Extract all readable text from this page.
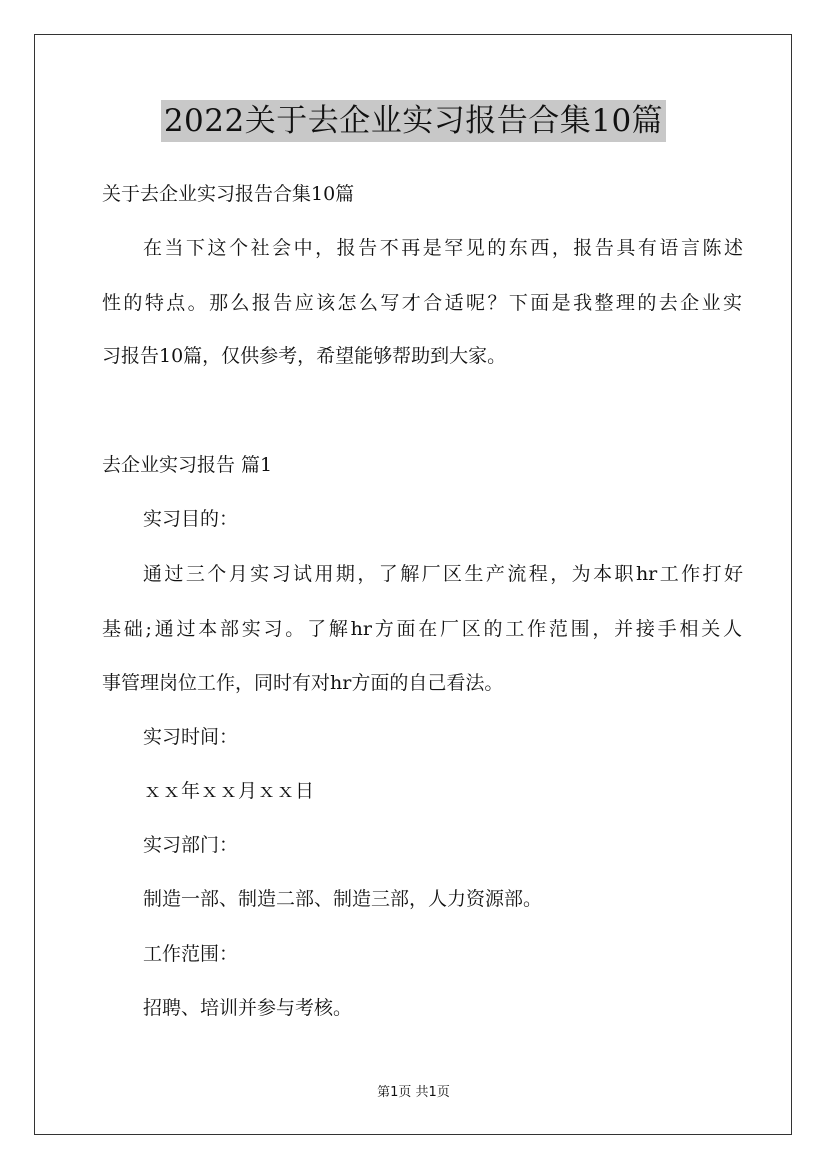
2022关于去企业实习报告合集10篇

关于去企业实习报告合集10篇

在当下这个社会中，报告不再是罕见的东西，报告具有语言陈述

性的特点。那么报告应该怎么写才合适呢？下面是我整理的去企业实

习报告10篇，仅供参考，希望能够帮助到大家。

去企业实习报告 篇1

实习目的：

通过三个月实习试用期，了解厂区生产流程，为本职hr工作打好

基础;通过本部实习。了解hr方面在厂区的工作范围，并接手相关人

事管理岗位工作，同时有对hr方面的自己看法。

实习时间：

ｘｘ年ｘｘ月ｘｘ日

实习部门：

制造一部、制造二部、制造三部，人力资源部。

工作范围：

招聘、培训并参与考核。

第1页 共1页
